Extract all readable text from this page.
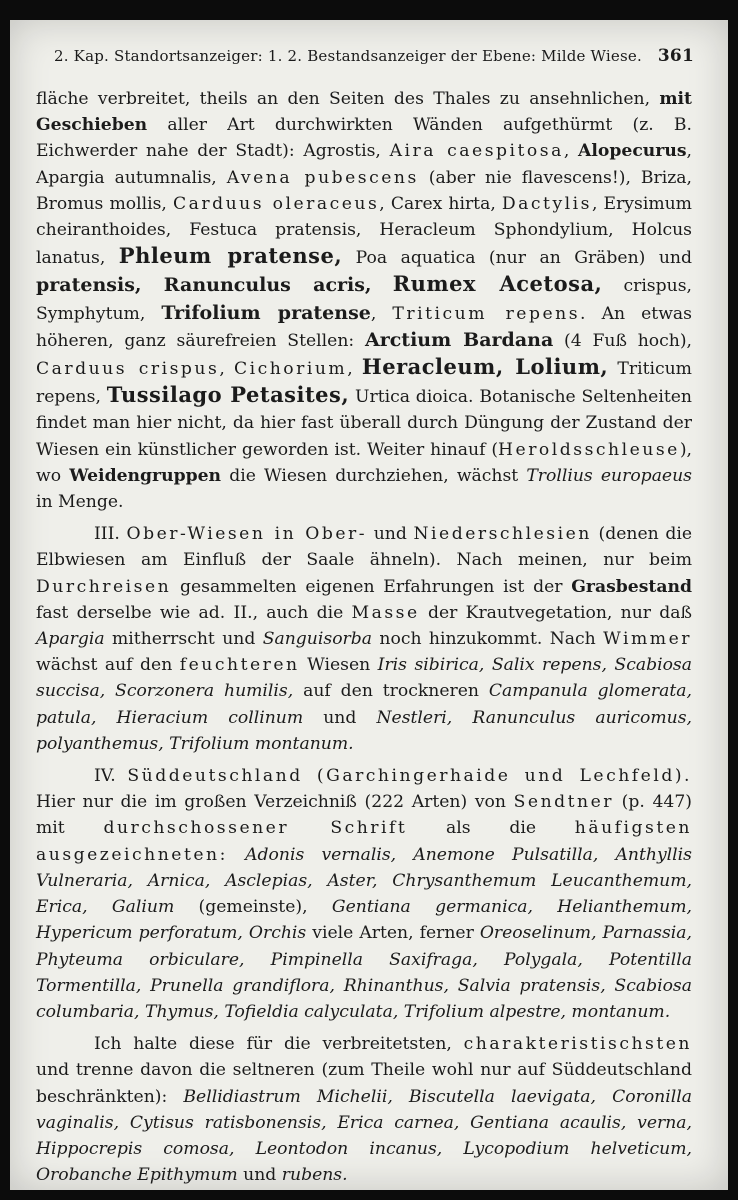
2. Kap. Standortsanzeiger: 1. 2. Bestandsanzeiger der Ebene: Milde Wiese. 361

fläche verbreitet, theils an den Seiten des Thales zu ansehnlichen, mit Geschieben aller Art durchwirkten Wänden aufgethürmt (z. B. Eichwerder nahe der Stadt): Agrostis, Aira caespitosa, Alopecurus, Apargia autumnalis, Avena pubescens (aber nie flavescens!), Briza, Bromus mollis, Carduus oleraceus, Carex hirta, Dactylis, Erysimum cheiranthoides, Festuca pratensis, Heracleum Sphondylium, Holcus lanatus, Phleum pratense, Poa aquatica (nur an Gräben) und pratensis, Ranunculus acris, Rumex Acetosa, crispus, Symphytum, Trifolium pratense, Triticum repens. An etwas höheren, ganz säurefreien Stellen: Arctium Bardana (4 Fuß hoch), Carduus crispus, Cichorium, Heracleum, Lolium, Triticum repens, Tussilago Petasites, Urtica dioica. Botanische Seltenheiten findet man hier nicht, da hier fast überall durch Düngung der Zustand der Wiesen ein künstlicher geworden ist. Weiter hinauf (Heroldsschleuse), wo Weidengruppen die Wiesen durchziehen, wächst Trollius europaeus in Menge.

III. Ober-Wiesen in Ober- und Niederschlesien (denen die Elbwiesen am Einfluß der Saale ähneln). Nach meinen, nur beim Durchreisen gesammelten eigenen Erfahrungen ist der Grasbestand fast derselbe wie ad. II., auch die Masse der Krautvegetation, nur daß Apargia mitherrscht und Sanguisorba noch hinzukommt. Nach Wimmer wächst auf den feuchteren Wiesen Iris sibirica, Salix repens, Scabiosa succisa, Scorzonera humilis, auf den trockneren Campanula glomerata, patula, Hieracium collinum und Nestleri, Ranunculus auricomus, polyanthemus, Trifolium montanum.

IV. Süddeutschland (Garchingerhaide und Lechfeld). Hier nur die im großen Verzeichniß (222 Arten) von Sendtner (p. 447) mit durchschossener Schrift als die häufigsten ausgezeichneten: Adonis vernalis, Anemone Pulsatilla, Anthyllis Vulneraria, Arnica, Asclepias, Aster, Chrysanthemum Leucanthemum, Erica, Galium (gemeinste), Gentiana germanica, Helianthemum, Hypericum perforatum, Orchis viele Arten, ferner Oreoselinum, Parnassia, Phyteuma orbiculare, Pimpinella Saxifraga, Polygala, Potentilla Tormentilla, Prunella grandiflora, Rhinanthus, Salvia pratensis, Scabiosa columbaria, Thymus, Tofieldia calyculata, Trifolium alpestre, montanum.

Ich halte diese für die verbreitetsten, charakteristischsten und trenne davon die seltneren (zum Theile wohl nur auf Süddeutschland beschränkten): Bellidiastrum Michelii, Biscutella laevigata, Coronilla vaginalis, Cytisus ratisbonensis, Erica carnea, Gentiana acaulis, verna, Hippocrepis comosa, Leontodon incanus, Lycopodium helveticum, Orobanche Epithymum und rubens.
